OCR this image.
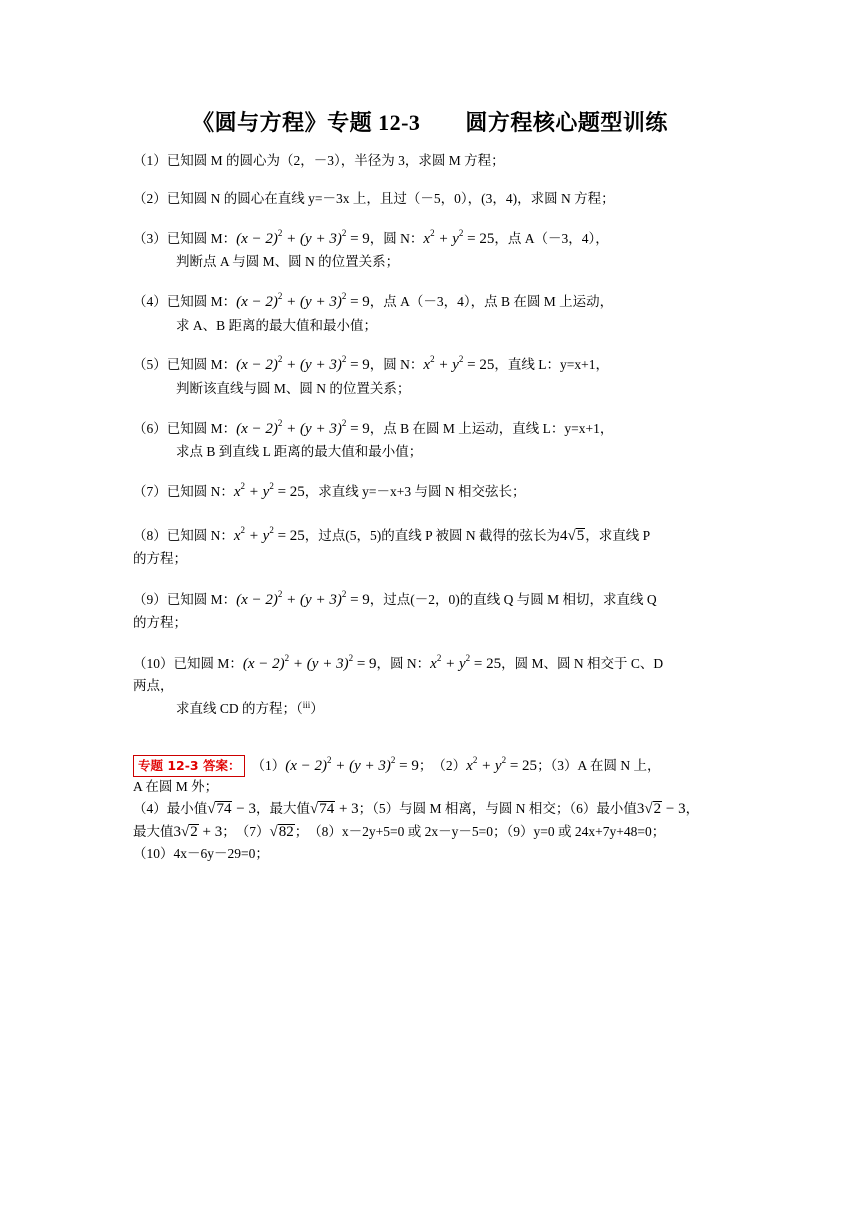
《圆与方程》专题 12-3　　圆方程核心题型训练
（1）已知圆 M 的圆心为（2，－3），半径为 3，求圆 M 方程；
（2）已知圆 N 的圆心在直线 y=－3x 上，且过（－5，0），(3，4)，求圆 N 方程；
（3）已知圆 M：$(x - 2)^2 + (y + 3)^2 = 9$，圆 N：$x^2 + y^2 = 25$，点 A（－3，4），
判断点 A 与圆 M、圆 N 的位置关系；
（4）已知圆 M：$(x - 2)^2 + (y + 3)^2 = 9$，点 A（－3，4），点 B 在圆 M 上运动，
求 A、B 距离的最大值和最小值；
（5）已知圆 M：$(x - 2)^2 + (y + 3)^2 = 9$，圆 N：$x^2 + y^2 = 25$，直线 L：y=x+1，
判断该直线与圆 M、圆 N 的位置关系；
（6）已知圆 M：$(x - 2)^2 + (y + 3)^2 = 9$，点 B 在圆 M 上运动，直线 L：y=x+1，
求点 B 到直线 L 距离的最大值和最小值；
（7）已知圆 N：$x^2 + y^2 = 25$，求直线 y=－x+3 与圆 N 相交弦长；
（8）已知圆 N：$x^2 + y^2 = 25$，过点(5，5)的直线 P 被圆 N 截得的弦长为4√5，求直线 P
的方程；
（9）已知圆 M：$(x - 2)^2 + (y + 3)^2 = 9$，过点(－2，0)的直线 Q 与圆 M 相切，求直线 Q
的方程；
（10）已知圆 M：$(x - 2)^2 + (y + 3)^2 = 9$，圆 N：$x^2 + y^2 = 25$，圆 M、圆 N 相交于 C、D
两点，
求直线 CD 的方程；（$^{iii}$）
专题 12-3 答案： $(1)(x - 2)^2 + (y + 3)^2 = 9$；　$(2)x^2 + y^2 = 25$；（3）A 在圆 N 上，
A 在圆 M 外；
（4）最小值√74 − 3，最大值√74 + 3；（5）与圆 M 相离，与圆 N 相交；（6）最小值3√2 − 3，
最大值3√2 + 3；　（7）√82；　（8）x－2y+5=0 或 2x－y－5=0；（9）y=0 或 24x+7y+48=0；
（10）4x－6y－29=0；
